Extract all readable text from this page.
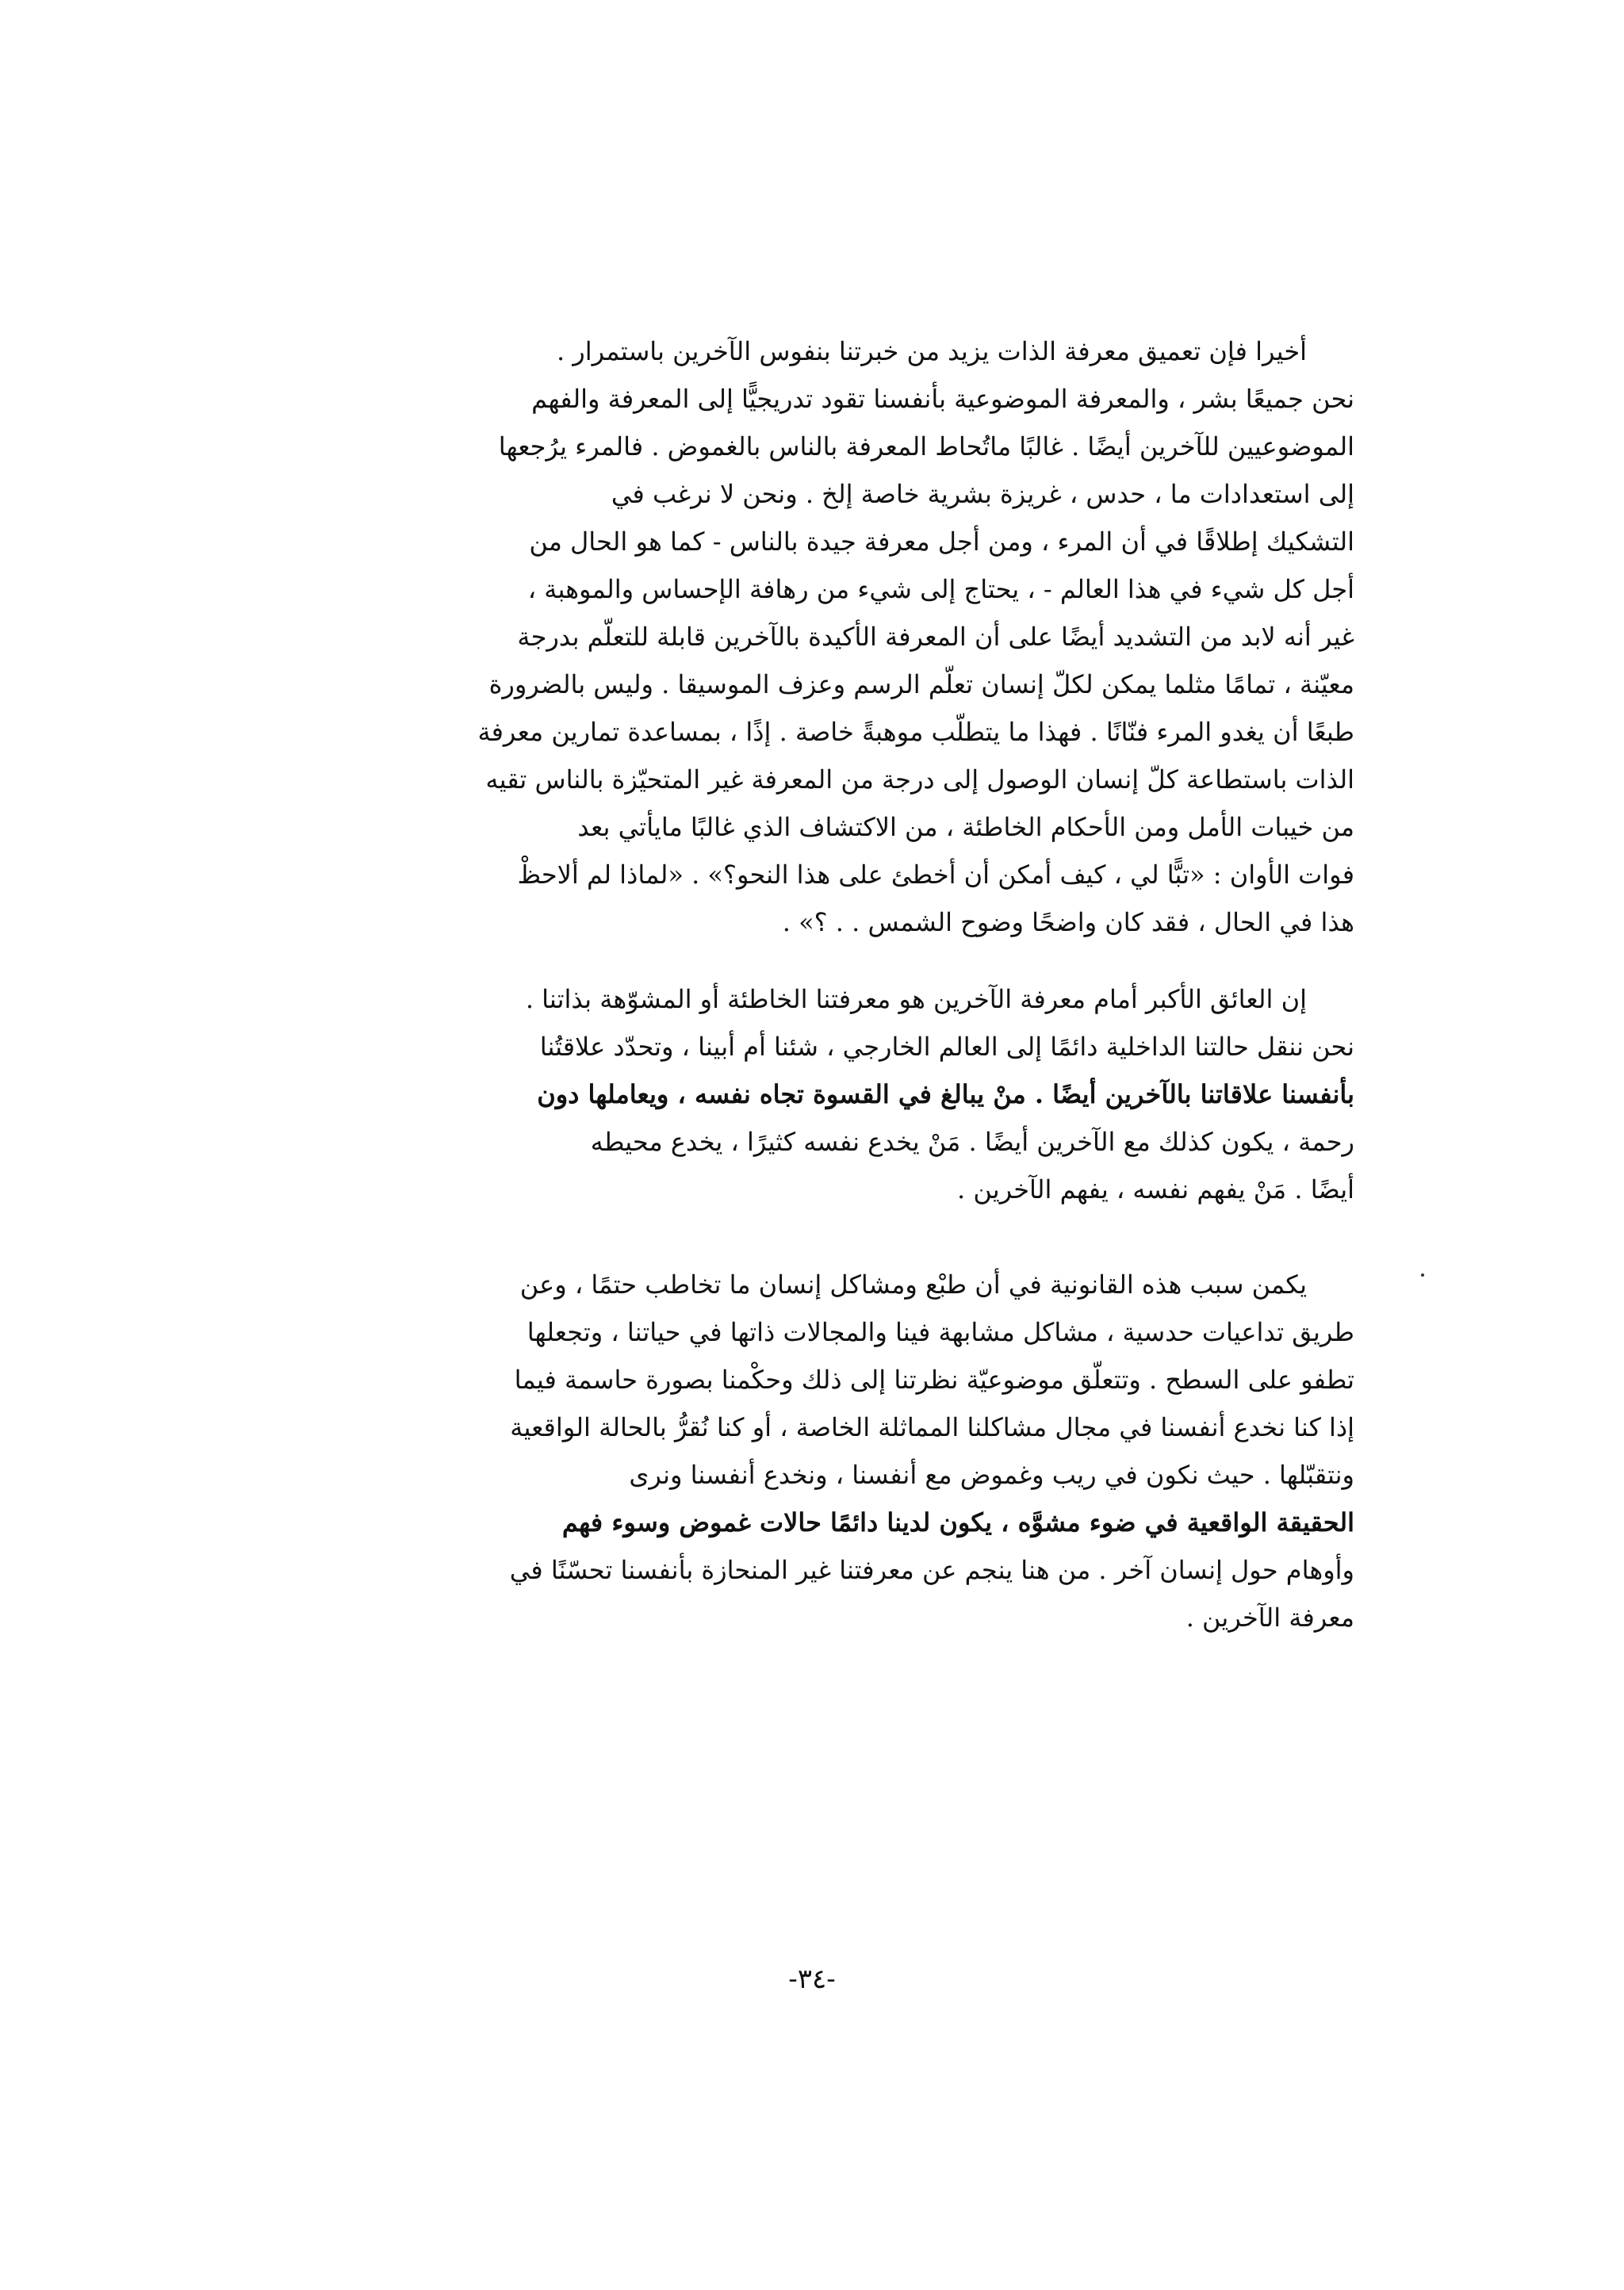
أخيرا فإن تعميق معرفة الذات يزيد من خبرتنا بنفوس الآخرين باستمرار .
نحن جميعًا بشر ، والمعرفة الموضوعية بأنفسنا تقود تدريجيًّا إلى المعرفة والفهم
الموضوعيين للآخرين أيضًا . غالبًا ماتُحاط المعرفة بالناس بالغموض . فالمرء يرُجعها
إلى استعدادات ما ، حدس ، غريزة بشرية خاصة إلخ . ونحن لا نرغب في
التشكيك إطلاقًا في أن المرء ، ومن أجل معرفة جيدة بالناس - كما هو الحال من
أجل كل شيء في هذا العالم - ، يحتاج إلى شيء من رهافة الإحساس والموهبة ،
غير أنه لابد من التشديد أيضًا على أن المعرفة الأكيدة بالآخرين قابلة للتعلّم بدرجة
معيّنة ، تمامًا مثلما يمكن لكلّ إنسان تعلّم الرسم وعزف الموسيقا . وليس بالضرورة
طبعًا أن يغدو المرء فنّانًا . فهذا ما يتطلّب موهبةً خاصة . إذًا ، بمساعدة تمارين معرفة
الذات باستطاعة كلّ إنسان الوصول إلى درجة من المعرفة غير المتحيّزة بالناس تقيه
من خيبات الأمل ومن الأحكام الخاطئة ، من الاكتشاف الذي غالبًا مايأتي بعد
فوات الأوان : «تبًّا لي ، كيف أمكن أن أخطئ على هذا النحو؟» . «لماذا لم ألاحظْ
هذا في الحال ، فقد كان واضحًا وضوح الشمس . . ؟» .
إن العائق الأكبر أمام معرفة الآخرين هو معرفتنا الخاطئة أو المشوّهة بذاتنا .
نحن ننقل حالتنا الداخلية دائمًا إلى العالم الخارجي ، شئنا أم أبينا ، وتحدّد علاقتُنا
بأنفسنا علاقاتنا بالآخرين أيضًا . منْ يبالغ في القسوة تجاه نفسه ، ويعاملها دون
رحمة ، يكون كذلك مع الآخرين أيضًا . مَنْ يخدع نفسه كثيرًا ، يخدع محيطه
أيضًا . مَنْ يفهم نفسه ، يفهم الآخرين .
يكمن سبب هذه القانونية في أن طبْع ومشاكل إنسان ما تخاطب حتمًا ، وعن
طريق تداعيات حدسية ، مشاكل مشابهة فينا والمجالات ذاتها في حياتنا ، وتجعلها
تطفو على السطح . وتتعلّق موضوعيّة نظرتنا إلى ذلك وحكْمنا بصورة حاسمة فيما
إذا كنا نخدع أنفسنا في مجال مشاكلنا المماثلة الخاصة ، أو كنا نُقرُّ بالحالة الواقعية
ونتقبّلها . حيث نكون في ريب وغموض مع أنفسنا ، ونخدع أنفسنا ونرى
الحقيقة الواقعية في ضوء مشوَّه ، يكون لدينا دائمًا حالات غموض وسوء فهم
وأوهام حول إنسان آخر . من هنا ينجم عن معرفتنا غير المنحازة بأنفسنا تحسّنًا في
معرفة الآخرين .
-٣٤-
